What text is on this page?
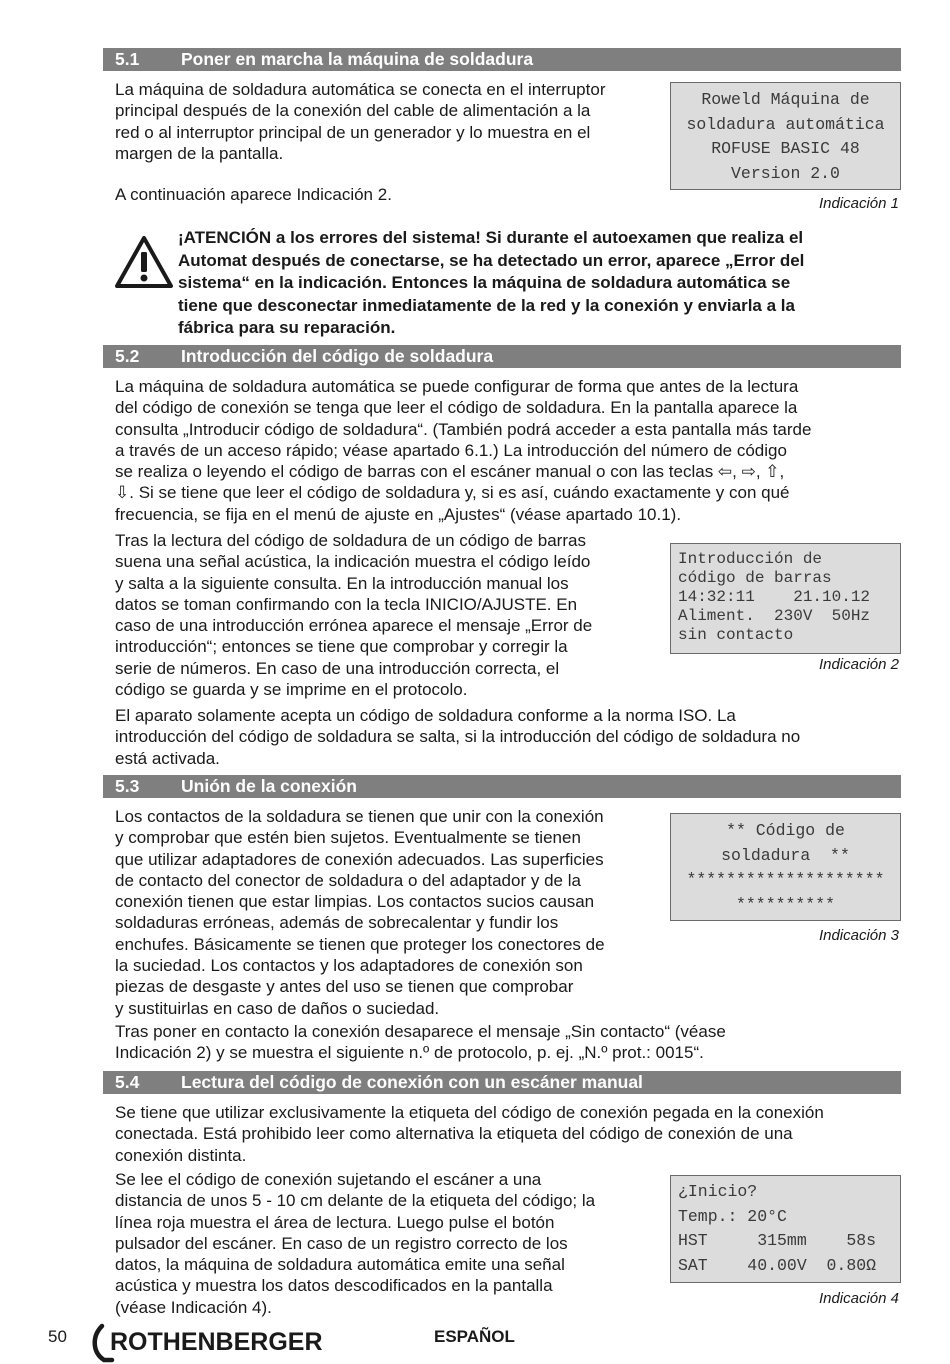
5.1 Poner en marcha la máquina de soldadura

La máquina de soldadura automática se conecta en el interruptor

principal después de la conexión del cable de alimentación a la

red o al interruptor principal de un generador y lo muestra en el

margen de la pantalla.

A continuación aparece Indicación 2.

Roweld Máquina de
soldadura automática
ROFUSE BASIC 48
Version 2.0
Indicación 1
¡ATENCIÓN a los errores del sistema! Si durante el autoexamen que realiza el
Automat después de conectarse, se ha detectado un error, aparece „Error del
sistema“ en la indicación. Entonces la máquina de soldadura automática se
tiene que desconectar inmediatamente de la red y la conexión y enviarla a la
fábrica para su reparación.
5.2 Introducción del código de soldadura

La máquina de soldadura automática se puede configurar de forma que antes de la lectura

del código de conexión se tenga que leer el código de soldadura. En la pantalla aparece la

consulta „Introducir código de soldadura“. (También podrá acceder a esta pantalla más tarde

a través de un acceso rápido; véase apartado 6.1.) La introducción del número de código

se realiza o leyendo el código de barras con el escáner manual o con las teclas ⇦, ⇨, ⇧,

⇩. Si se tiene que leer el código de soldadura y, si es así, cuándo exactamente y con qué

frecuencia, se fija en el menú de ajuste en „Ajustes“ (véase apartado 10.1).

Tras la lectura del código de soldadura de un código de barras

suena una señal acústica, la indicación muestra el código leído

y salta a la siguiente consulta. En la introducción manual los

datos se toman confirmando con la tecla INICIO/AJUSTE. En

caso de una introducción errónea aparece el mensaje „Error de

introducción“; entonces se tiene que comprobar y corregir la

serie de números. En caso de una introducción correcta, el

código se guarda y se imprime en el protocolo.

Introducción de
código de barras
14:32:11    21.10.12
Aliment.  230V  50Hz
sin contacto
Indicación 2

El aparato solamente acepta un código de soldadura conforme a la norma ISO. La

introducción del código de soldadura se salta, si la introducción del código de soldadura no

está activada.

5.3 Unión de la conexión

Los contactos de la soldadura se tienen que unir con la conexión

y comprobar que estén bien sujetos. Eventualmente se tienen

que utilizar adaptadores de conexión adecuados. Las superficies

de contacto del conector de soldadura o del adaptador y de la

conexión tienen que estar limpias. Los contactos sucios causan

soldaduras erróneas, además de sobrecalentar y fundir los

enchufes. Básicamente se tienen que proteger los conectores de

la suciedad. Los contactos y los adaptadores de conexión son

piezas de desgaste y antes del uso se tienen que comprobar

y sustituirlas en caso de daños o suciedad.

** Código de
soldadura  **
********************
**********
Indicación 3

Tras poner en contacto la conexión desaparece el mensaje „Sin contacto“ (véase

Indicación 2) y se muestra el siguiente n.º de protocolo, p. ej. „N.º prot.: 0015“.

5.4 Lectura del código de conexión con un escáner manual

Se tiene que utilizar exclusivamente la etiqueta del código de conexión pegada en la conexión

conectada. Está prohibido leer como alternativa la etiqueta del código de conexión de una

conexión distinta.

Se lee el código de conexión sujetando el escáner a una

distancia de unos 5 - 10 cm delante de la etiqueta del código; la

línea roja muestra el área de lectura. Luego pulse el botón

pulsador del escáner. En caso de un registro correcto de los

datos, la máquina de soldadura automática emite una señal

acústica y muestra los datos descodificados en la pantalla

(véase Indicación 4).

¿Inicio?
Temp.: 20°C
HST     315mm    58s
SAT    40.00V  0.80Ω
Indicación 4
50 ROTHENBERGER	ESPAÑOL
